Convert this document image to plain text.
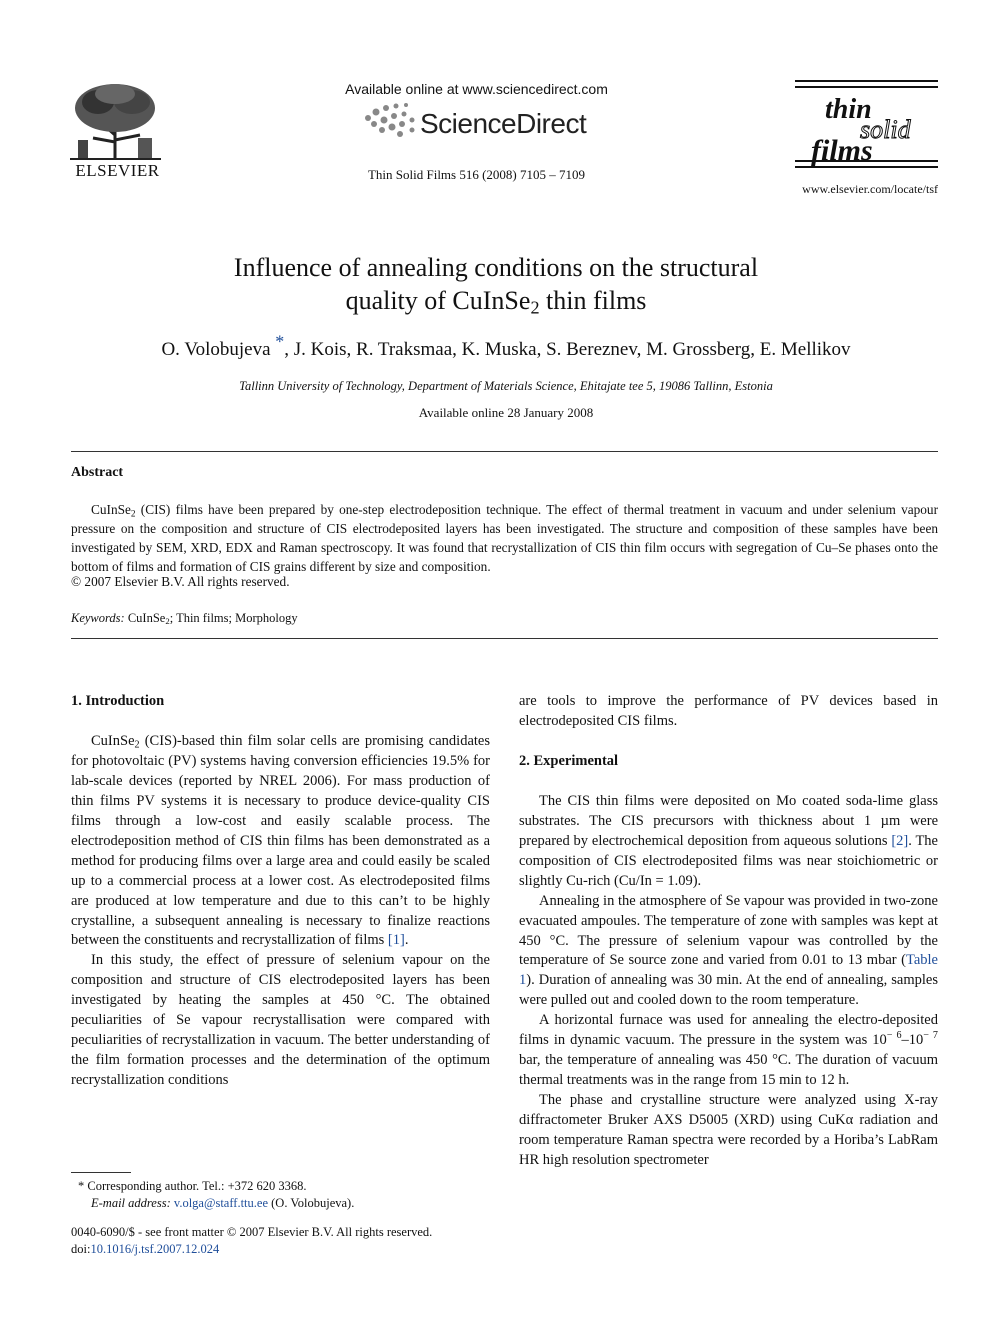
ELSEVIER
Available online at www.sciencedirect.com
ScienceDirect
Thin Solid Films 516 (2008) 7105 – 7109
thin
solid
films
www.elsevier.com/locate/tsf
Influence of annealing conditions on the structural
quality of CuInSe$_2$ thin films
O. Volobujeva *, J. Kois, R. Traksmaa, K. Muska, S. Bereznev, M. Grossberg, E. Mellikov
Tallinn University of Technology, Department of Materials Science, Ehitajate tee 5, 19086 Tallinn, Estonia
Available online 28 January 2008
Abstract

CuInSe$_2$ (CIS) films have been prepared by one-step electrodeposition technique. The effect of thermal treatment in vacuum and under selenium vapour pressure on the composition and structure of CIS electrodeposited layers has been investigated. The structure and composition of these samples have been investigated by SEM, XRD, EDX and Raman spectroscopy. It was found that recrystallization of CIS thin film occurs with segregation of Cu–Se phases onto the bottom of films and formation of CIS grains different by size and composition.

© 2007 Elsevier B.V. All rights reserved.
Keywords: CuInSe$_2$; Thin films; Morphology

1. Introduction

CuInSe$_2$ (CIS)-based thin film solar cells are promising candidates for photovoltaic (PV) systems having conversion efficiencies 19.5% for lab-scale devices (reported by NREL 2006). For mass production of thin films PV systems it is necessary to produce device-quality CIS films through a low-cost and easily scalable process. The electrodeposition method of CIS thin films has been demonstrated as a method for producing films over a large area and could easily be scaled up to a commercial process at a lower cost. As electrodeposited films are produced at low temperature and due to this can’t to be highly crystalline, a subsequent annealing is necessary to finalize reactions between the constituents and recrystallization of films [1].

In this study, the effect of pressure of selenium vapour on the composition and structure of CIS electrodeposited layers has been investigated by heating the samples at 450 °C. The obtained peculiarities of Se vapour recrystallisation were compared with peculiarities of recrystallization in vacuum. The better understanding of the film formation processes and the determination of the optimum recrystallization conditions

are tools to improve the performance of PV devices based in electrodeposited CIS films.

2. Experimental

The CIS thin films were deposited on Mo coated soda-lime glass substrates. The CIS precursors with thickness about 1 µm were prepared by electrochemical deposition from aqueous solutions [2]. The composition of CIS electrodeposited films was near stoichiometric or slightly Cu-rich (Cu/In = 1.09).

Annealing in the atmosphere of Se vapour was provided in two-zone evacuated ampoules. The temperature of zone with samples was kept at 450 °C. The pressure of selenium vapour was controlled by the temperature of Se source zone and varied from 0.01 to 13 mbar (Table 1). Duration of annealing was 30 min. At the end of annealing, samples were pulled out and cooled down to the room temperature.

A horizontal furnace was used for annealing the electro-deposited films in dynamic vacuum. The pressure in the system was $10^{- 6}-10^{- 7}$ bar, the temperature of annealing was 450 °C. The duration of vacuum thermal treatments was in the range from 15 min to 12 h.

The phase and crystalline structure were analyzed using X-ray diffractometer Bruker AXS D5005 (XRD) using CuKα radiation and room temperature Raman spectra were recorded by a Horiba’s LabRam HR high resolution spectrometer

* Corresponding author. Tel.: +372 620 3368.
E-mail address: v.olga@staff.ttu.ee (O. Volobujeva).
0040-6090/$ - see front matter © 2007 Elsevier B.V. All rights reserved.
doi:10.1016/j.tsf.2007.12.024
